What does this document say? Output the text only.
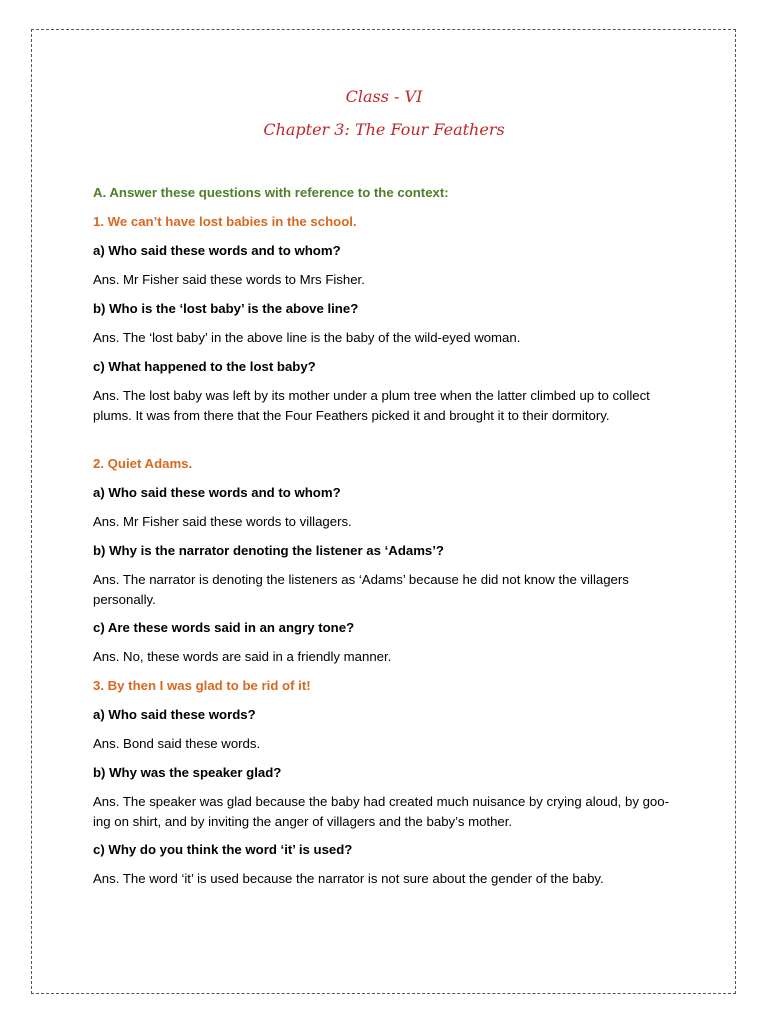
Class - VI
Chapter 3: The Four Feathers

A. Answer these questions with reference to the context:

1. We can’t have lost babies in the school.

a) Who said these words and to whom?

Ans. Mr Fisher said these words to Mrs Fisher.

b) Who is the ‘lost baby’ is the above line?

Ans. The ‘lost baby’ in the above line is the baby of the wild-eyed woman.

c) What happened to the lost baby?

Ans. The lost baby was left by its mother under a plum tree when the latter climbed up to collect plums. It was from there that the Four Feathers picked it and brought it to their dormitory.

2. Quiet Adams.

a) Who said these words and to whom?

Ans. Mr Fisher said these words to villagers.

b) Why is the narrator denoting the listener as ‘Adams’?

Ans. The narrator is denoting the listeners as ‘Adams’ because he did not know the villagers personally.

c) Are these words said in an angry tone?

Ans. No, these words are said in a friendly manner.

3. By then I was glad to be rid of it!

a) Who said these words?

Ans. Bond said these words.

b) Why was the speaker glad?

Ans. The speaker was glad because the baby had created much nuisance by crying aloud, by goo-ing on shirt, and by inviting the anger of villagers and the baby’s mother.

c) Why do you think the word ‘it’ is used?

Ans. The word ‘it’ is used because the narrator is not sure about the gender of the baby.
